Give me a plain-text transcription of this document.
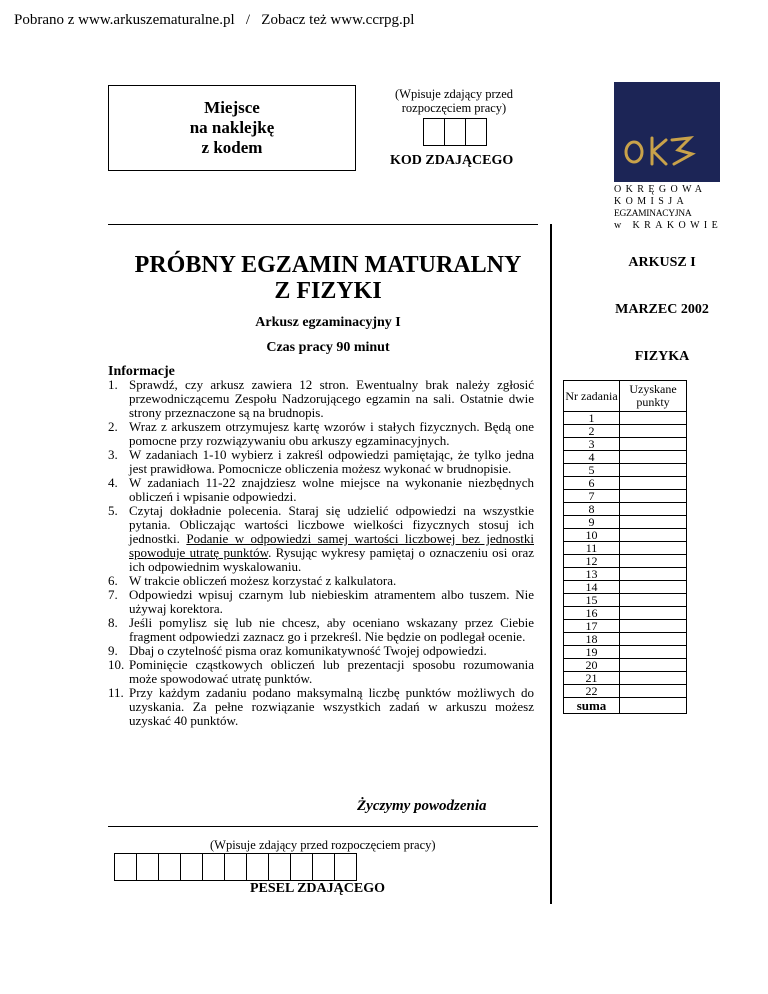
Pobrano z www.arkuszematuralne.pl   /   Zobacz też www.ccrpg.pl
Miejsce
na naklejkę
z kodem
(Wpisuje zdający przed rozpoczęciem pracy)
KOD ZDAJĄCEGO
OKRĘGOWA
KOMISJA
EGZAMINACYJNA
w KRAKOWIE
PRÓBNY EGZAMIN MATURALNY
Z FIZYKI
Arkusz egzaminacyjny I
Czas pracy 90 minut
Informacje
1. Sprawdź, czy arkusz zawiera 12 stron. Ewentualny brak należy zgłosić przewodniczącemu Zespołu Nadzorującego egzamin na sali. Ostatnie dwie strony przeznaczone są na brudnopis.
2. Wraz z arkuszem otrzymujesz kartę wzorów i stałych fizycznych. Będą one pomocne przy rozwiązywaniu obu arkuszy egzaminacyjnych.
3. W zadaniach 1-10 wybierz i zakreśl odpowiedzi pamiętając, że tylko jedna jest prawidłowa. Pomocnicze obliczenia możesz wykonać w brudnopisie.
4. W zadaniach 11-22 znajdziesz wolne miejsce na wykonanie niezbędnych obliczeń i wpisanie odpowiedzi.
5. Czytaj dokładnie polecenia. Staraj się udzielić odpowiedzi na wszystkie pytania. Obliczając wartości liczbowe wielkości fizycznych stosuj ich jednostki. Podanie w odpowiedzi samej wartości liczbowej bez jednostki spowoduje utratę punktów. Rysując wykresy pamiętaj o oznaczeniu osi oraz ich odpowiednim wyskalowaniu.
6. W trakcie obliczeń możesz korzystać z kalkulatora.
7. Odpowiedzi wpisuj czarnym lub niebieskim atramentem albo tuszem. Nie używaj korektora.
8. Jeśli pomylisz się lub nie chcesz, aby oceniano wskazany przez Ciebie fragment odpowiedzi zaznacz go i przekreśl. Nie będzie on podlegał ocenie.
9. Dbaj o czytelność pisma oraz komunikatywność Twojej odpowiedzi.
10. Pominięcie cząstkowych obliczeń lub prezentacji sposobu rozumowania może spowodować utratę punktów.
11. Przy każdym zadaniu podano maksymalną liczbę punktów możliwych do uzyskania. Za pełne rozwiązanie wszystkich zadań w arkuszu możesz uzyskać 40 punktów.
Życzymy powodzenia
(Wpisuje zdający przed rozpoczęciem pracy)
PESEL ZDAJĄCEGO
ARKUSZ I
MARZEC 2002
FIZYKA
Nr zadania	Uzyskane punkty
1	
2	
3	
4	
5	
6	
7	
8	
9	
10	
11	
12	
13	
14	
15	
16	
17	
18	
19	
20	
21	
22	
suma	
